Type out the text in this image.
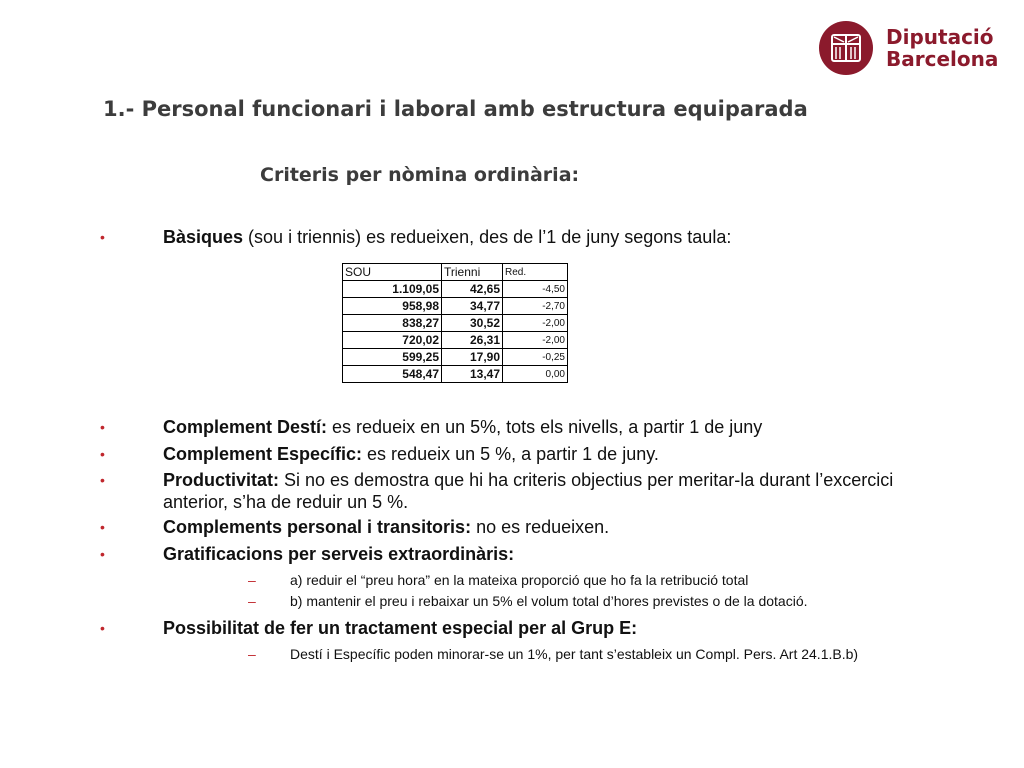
Diputació
Barcelona
1.- Personal funcionari i laboral amb estructura equiparada
Criteris per nòmina ordinària:
•	Bàsiques (sou i triennis) es redueixen, des de l’1 de juny segons taula:
SOU	Trienni	Red.
1.109,05	42,65	-4,50
958,98	34,77	-2,70
838,27	30,52	-2,00
720,02	26,31	-2,00
599,25	17,90	-0,25
548,47	13,47	0,00
•	Complement Destí: es redueix en un 5%, tots els nivells, a partir 1 de juny
•	Complement Específic: es redueix un 5 %, a partir 1 de juny.
•	Productivitat: Si no es demostra que hi ha criteris objectius per meritar-la durant l’excercici anterior, s’ha de reduir un 5 %.
•	Complements personal i transitoris: no es redueixen.
•	Gratificacions per serveis extraordinàris:
– a) reduir el “preu hora” en la mateixa proporció que ho fa la retribució total
– b) mantenir el preu i rebaixar un 5% el volum total d’hores previstes o de la dotació.
•	Possibilitat de fer un tractament especial per al Grup E:
– Destí i Específic poden minorar-se un 1%, per tant s’estableix un Compl. Pers. Art 24.1.B.b)
